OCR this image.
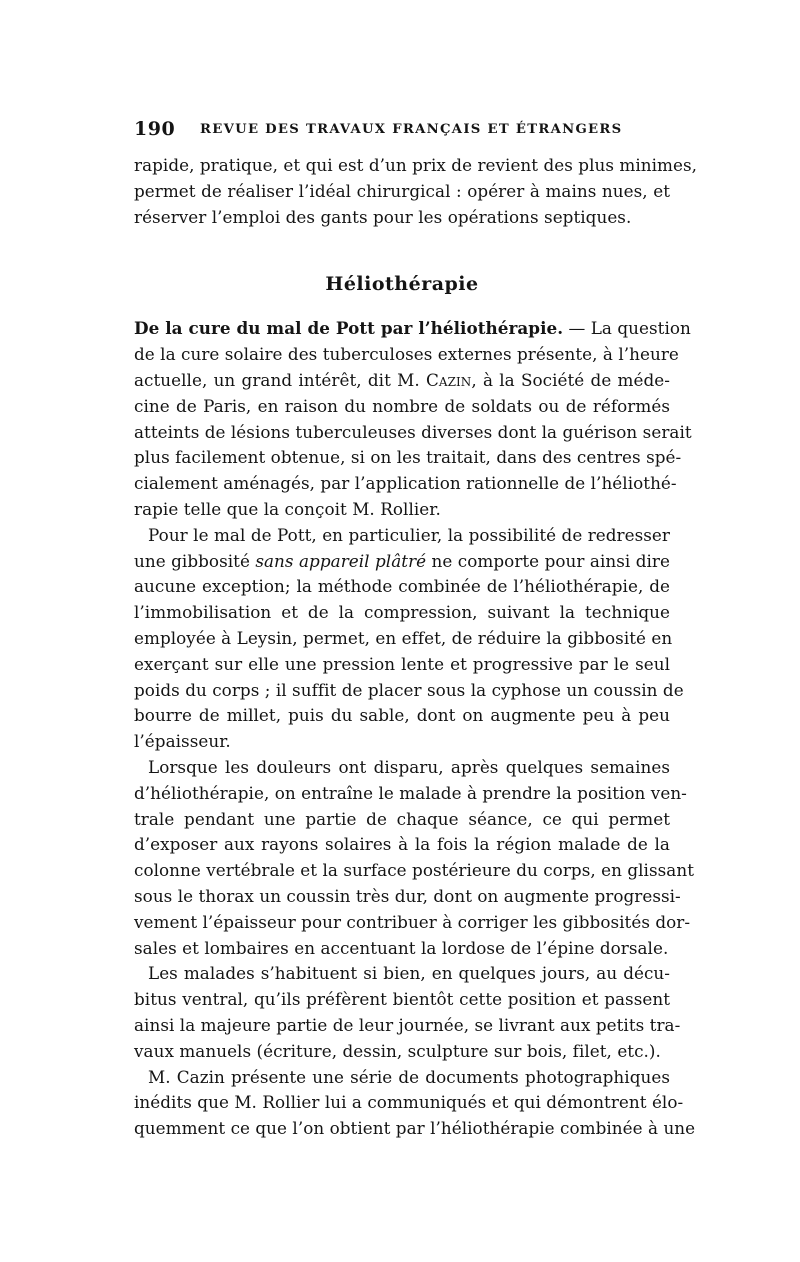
190 REVUE DES TRAVAUX FRANÇAIS ET ÉTRANGERS
rapide, pratique, et qui est d’un prix de revient des plus minimes,
permet de réaliser l’idéal chirurgical : opérer à mains nues, et
réserver l’emploi des gants pour les opérations septiques.
Héliothérapie
De la cure du mal de Pott par l’héliothérapie. — La question
de la cure solaire des tuberculoses externes présente, à l’heure
actuelle, un grand intérêt, dit M. Cazin, à la Société de méde-
cine de Paris, en raison du nombre de soldats ou de réformés
atteints de lésions tuberculeuses diverses dont la guérison serait
plus facilement obtenue, si on les traitait, dans des centres spé-
cialement aménagés, par l’application rationnelle de l’héliothé-
rapie telle que la conçoit M. Rollier.
Pour le mal de Pott, en particulier, la possibilité de redresser
une gibbosité sans appareil plâtré ne comporte pour ainsi dire
aucune exception; la méthode combinée de l’héliothérapie, de
l’immobilisation et de la compression, suivant la technique
employée à Leysin, permet, en effet, de réduire la gibbosité en
exerçant sur elle une pression lente et progressive par le seul
poids du corps ; il suffit de placer sous la cyphose un coussin de
bourre de millet, puis du sable, dont on augmente peu à peu
l’épaisseur.
Lorsque les douleurs ont disparu, après quelques semaines
d’héliothérapie, on entraîne le malade à prendre la position ven-
trale pendant une partie de chaque séance, ce qui permet
d’exposer aux rayons solaires à la fois la région malade de la
colonne vertébrale et la surface postérieure du corps, en glissant
sous le thorax un coussin très dur, dont on augmente progressi-
vement l’épaisseur pour contribuer à corriger les gibbosités dor-
sales et lombaires en accentuant la lordose de l’épine dorsale.
Les malades s’habituent si bien, en quelques jours, au décu-
bitus ventral, qu’ils préfèrent bientôt cette position et passent
ainsi la majeure partie de leur journée, se livrant aux petits tra-
vaux manuels (écriture, dessin, sculpture sur bois, filet, etc.).
M. Cazin présente une série de documents photographiques
inédits que M. Rollier lui a communiqués et qui démontrent élo-
quemment ce que l’on obtient par l’héliothérapie combinée à une
